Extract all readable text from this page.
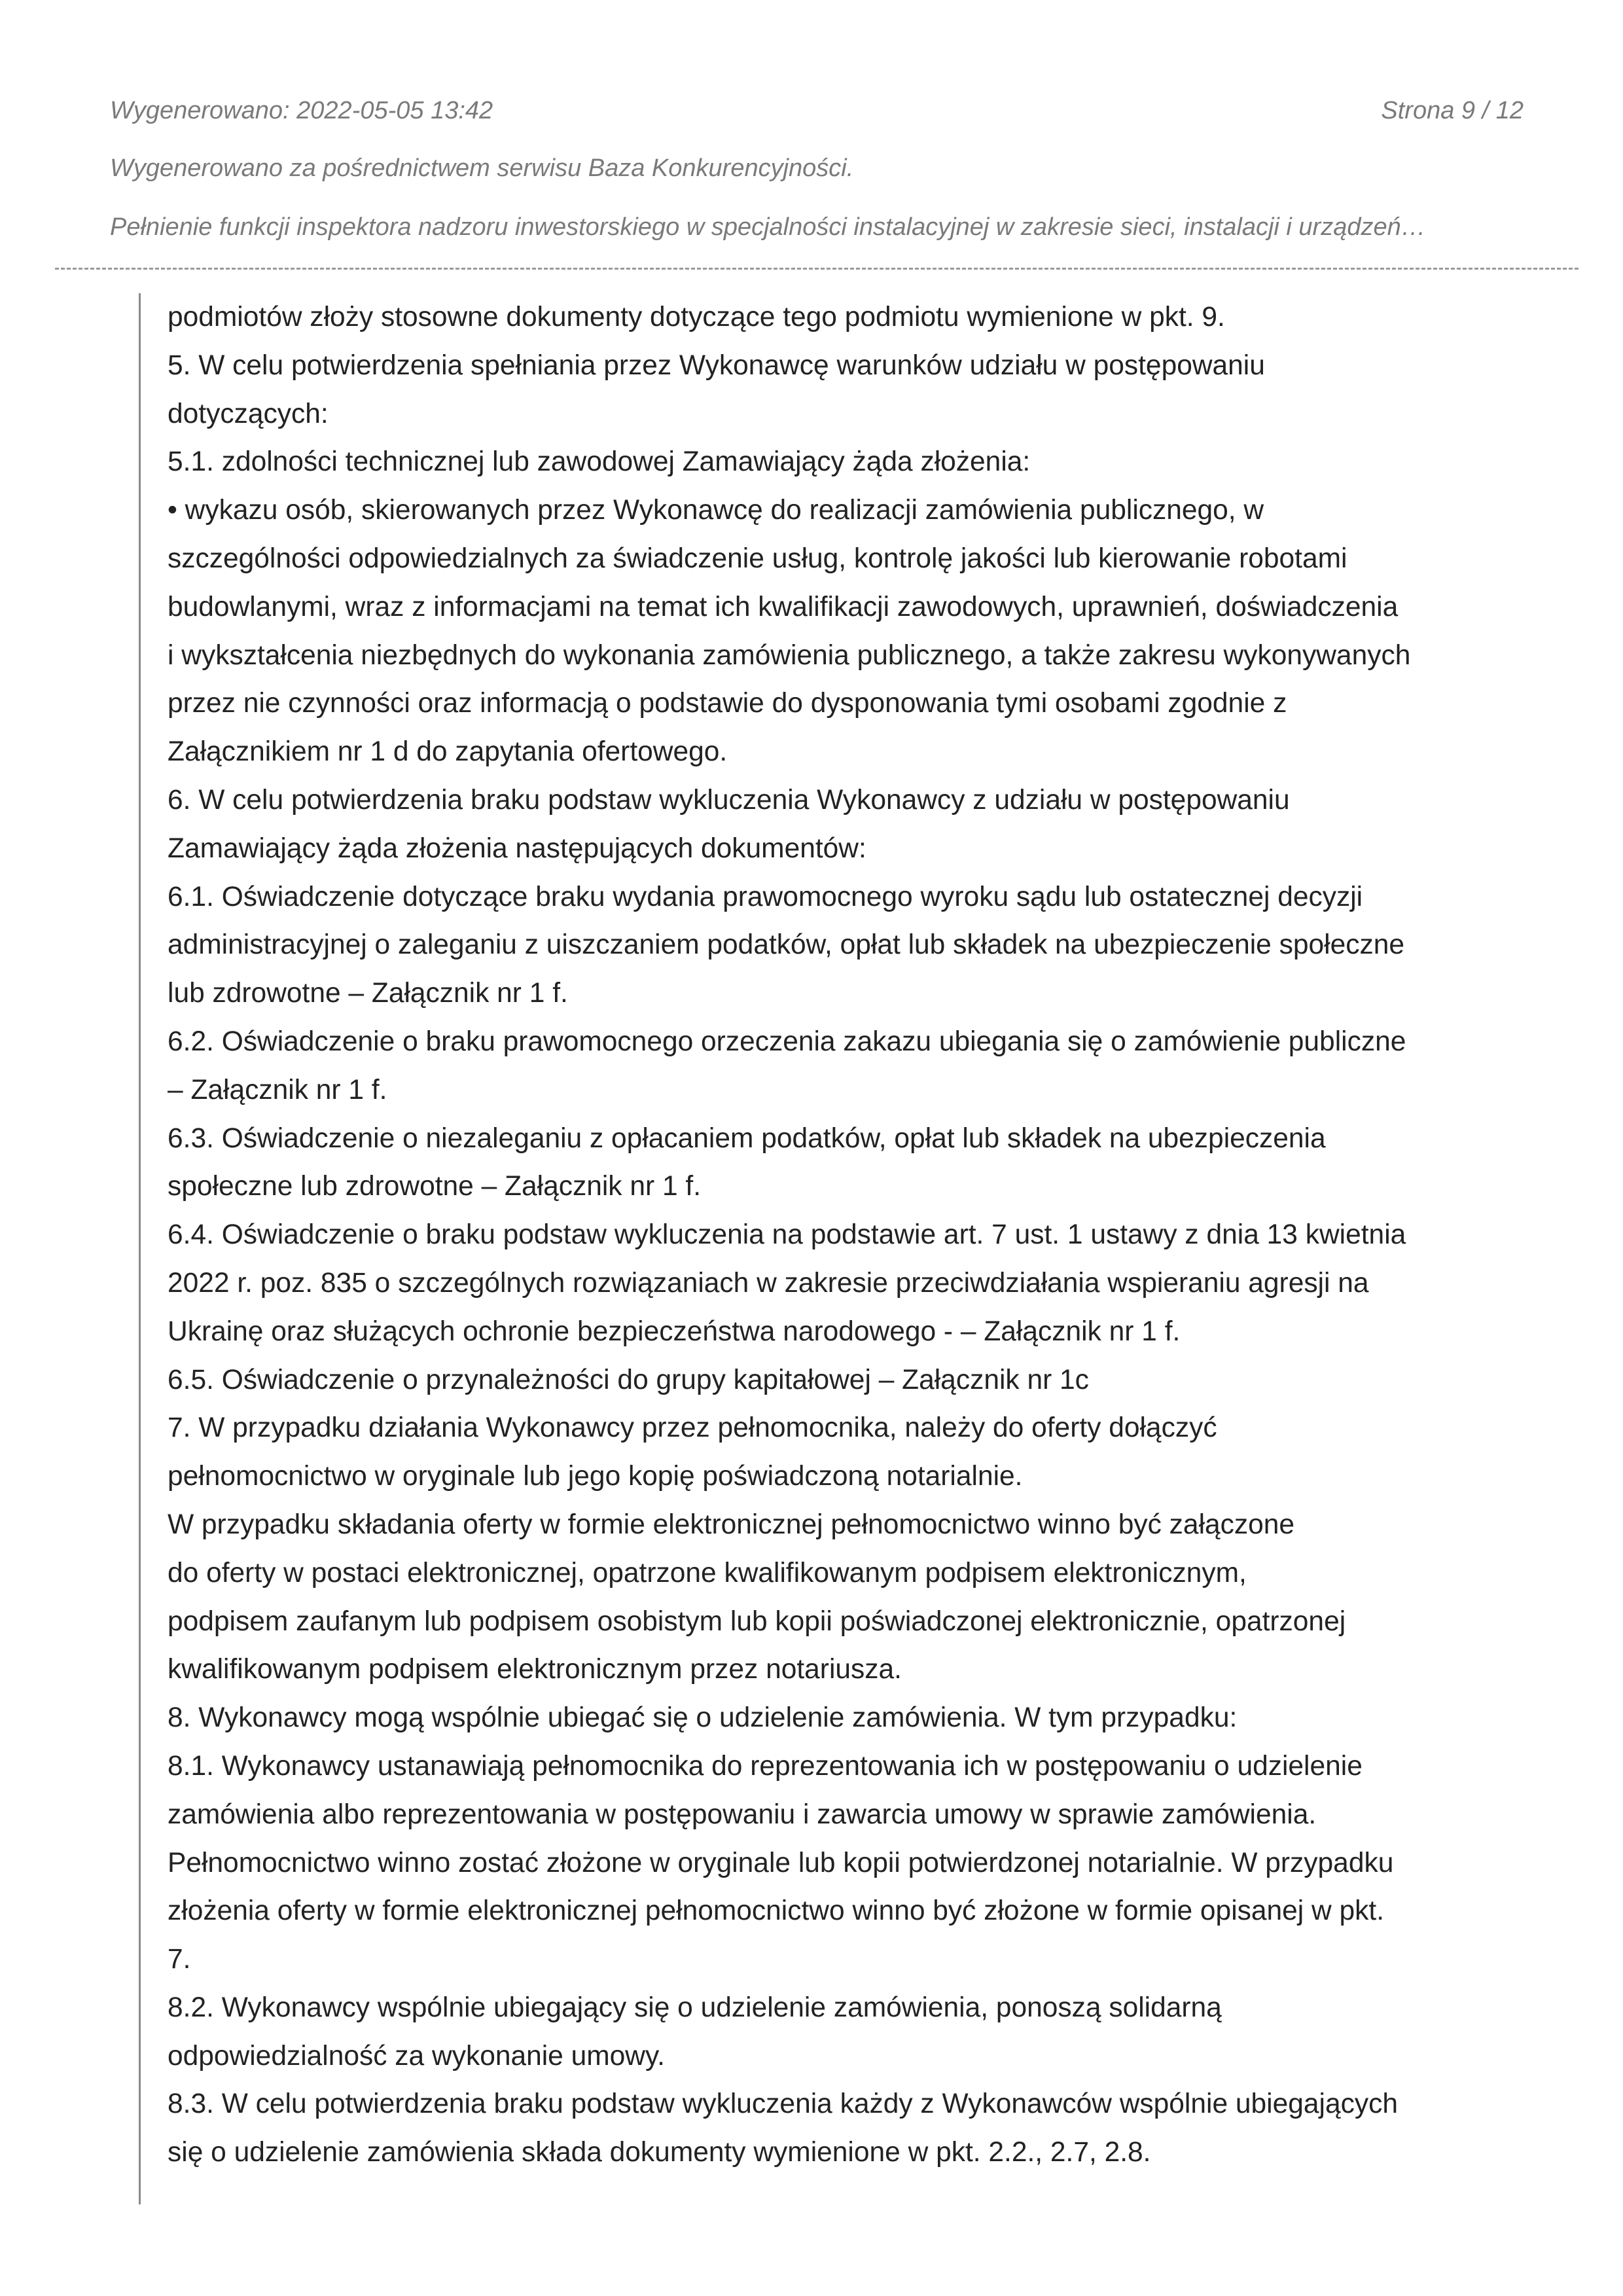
Wygenerowano: 2022-05-05 13:42	Strona 9 / 12
Wygenerowano za pośrednictwem serwisu Baza Konkurencyjności.
Pełnienie funkcji inspektora nadzoru inwestorskiego w specjalności instalacyjnej w zakresie sieci, instalacji i urządzeń…
podmiotów złoży stosowne dokumenty dotyczące tego podmiotu wymienione w pkt. 9.
5. W celu potwierdzenia spełniania przez Wykonawcę warunków udziału w postępowaniu
dotyczących:
5.1. zdolności technicznej lub zawodowej Zamawiający żąda złożenia:
• wykazu osób, skierowanych przez Wykonawcę do realizacji zamówienia publicznego, w
szczególności odpowiedzialnych za świadczenie usług, kontrolę jakości lub kierowanie robotami
budowlanymi, wraz z informacjami na temat ich kwalifikacji zawodowych, uprawnień, doświadczenia
i wykształcenia niezbędnych do wykonania zamówienia publicznego, a także zakresu wykonywanych
przez nie czynności oraz informacją o podstawie do dysponowania tymi osobami zgodnie z
Załącznikiem nr 1 d do zapytania ofertowego.
6. W celu potwierdzenia braku podstaw wykluczenia Wykonawcy z udziału w postępowaniu
Zamawiający żąda złożenia następujących dokumentów:
6.1. Oświadczenie dotyczące braku wydania prawomocnego wyroku sądu lub ostatecznej decyzji
administracyjnej o zaleganiu z uiszczaniem podatków, opłat lub składek na ubezpieczenie społeczne
lub zdrowotne – Załącznik nr 1 f.
6.2. Oświadczenie o braku prawomocnego orzeczenia zakazu ubiegania się o zamówienie publiczne
– Załącznik nr 1 f.
6.3. Oświadczenie o niezaleganiu z opłacaniem podatków, opłat lub składek na ubezpieczenia
społeczne lub zdrowotne – Załącznik nr 1 f.
6.4. Oświadczenie o braku podstaw wykluczenia na podstawie art. 7 ust. 1 ustawy z dnia 13 kwietnia
2022 r. poz. 835 o szczególnych rozwiązaniach w zakresie przeciwdziałania wspieraniu agresji na
Ukrainę oraz służących ochronie bezpieczeństwa narodowego - – Załącznik nr 1 f.
6.5. Oświadczenie o przynależności do grupy kapitałowej – Załącznik nr 1c
7. W przypadku działania Wykonawcy przez pełnomocnika, należy do oferty dołączyć
pełnomocnictwo w oryginale lub jego kopię poświadczoną notarialnie.
W przypadku składania oferty w formie elektronicznej pełnomocnictwo winno być załączone
do oferty w postaci elektronicznej, opatrzone kwalifikowanym podpisem elektronicznym,
podpisem zaufanym lub podpisem osobistym lub kopii poświadczonej elektronicznie, opatrzonej
kwalifikowanym podpisem elektronicznym przez notariusza.
8. Wykonawcy mogą wspólnie ubiegać się o udzielenie zamówienia. W tym przypadku:
8.1. Wykonawcy ustanawiają pełnomocnika do reprezentowania ich w postępowaniu o udzielenie
zamówienia albo reprezentowania w postępowaniu i zawarcia umowy w sprawie zamówienia.
Pełnomocnictwo winno zostać złożone w oryginale lub kopii potwierdzonej notarialnie. W przypadku
złożenia oferty w formie elektronicznej pełnomocnictwo winno być złożone w formie opisanej w pkt.
7.
8.2. Wykonawcy wspólnie ubiegający się o udzielenie zamówienia, ponoszą solidarną
odpowiedzialność za wykonanie umowy.
8.3. W celu potwierdzenia braku podstaw wykluczenia każdy z Wykonawców wspólnie ubiegających
się o udzielenie zamówienia składa dokumenty wymienione w pkt. 2.2., 2.7, 2.8.
